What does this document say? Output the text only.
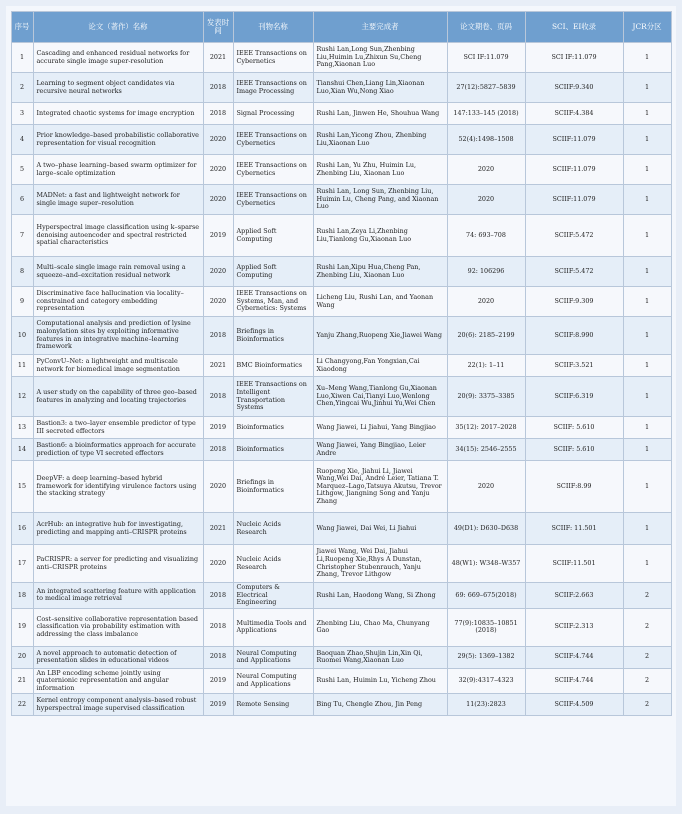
序号	论文（著作）名称	发表时间	刊物名称	主要完成者	论文期卷、页码	SCI、EI收录	JCR分区
1	Cascading and enhanced residual networks for accurate single image super-resolution	2021	IEEE Transactions on Cybernetics	Rushi Lan,Long Sun,Zhenbing Liu,Huimin Lu,Zhixun Su,Cheng Pang,Xiaonan Luo	SCI IF:11.079	SCI IF:11.079	1
2	Learning to segment object candidates via recursive neural networks	2018	IEEE Transactions on Image Processing	Tianshui Chen,Liang Lin,Xiaonan Luo,Xian Wu,Nong Xiao	27(12):5827–5839	SCIIF:9.340	1
3	Integrated chaotic systems for image encryption	2018	Signal Processing	Rushi Lan, Jinwen He, Shouhua Wang	147:133–145 (2018)	SCIIF:4.384	1
4	Prior knowledge–based probabilistic collaborative representation for visual recognition	2020	IEEE Transactions on Cybernetics	Rushi Lan,Yicong Zhou, Zhenbing Liu,Xiaonan Luo	52(4):1498–1508	SCIIF:11.079	1
5	A two–phase learning–based swarm optimizer for large–scale optimization	2020	IEEE Transactions on Cybernetics	Rushi Lan, Yu Zhu, Huimin Lu, Zhenbing Liu, Xiaonan Luo	2020	SCIIF:11.079	1
6	MADNet: a fast and lightweight network for single image super–resolution	2020	IEEE Transactions on Cybernetics	Rushi Lan, Long Sun, Zhenbing Liu, Huimin Lu, Cheng Pang, and Xiaonan Luo	2020	SCIIF:11.079	1
7	Hyperspectral image classification using k–sparse denoising autoencoder and spectral restricted spatial characteristics	2019	Applied Soft Computing	Rushi Lan,Zeya Li,Zhenbing Liu,Tianlong Gu,Xiaonan Luo	74: 693–708	SCIIF:5.472	1
8	Multi–scale single image rain removal using a squeeze–and–excitation residual network	2020	Applied Soft Computing	Rushi Lan,Xipu Hua,Cheng Pan, Zhenbing Liu, Xiaonan Luo	92: 106296	SCIIF:5.472	1
9	Discriminative face hallucination via locality–constrained and category embedding representation	2020	IEEE Transactions on Systems, Man, and Cybernetics: Systems	Licheng Liu, Rushi Lan, and Yaonan Wang	2020	SCIIF:9.309	1
10	Computational analysis and prediction of lysine malonylation sites by exploiting informative features in an integrative machine–learning framework	2018	Briefings in Bioinformatics	Yanju Zhang,Ruopeng Xie,Jiawei Wang	20(6): 2185–2199	SCIIF:8.990	1
11	PyConvU–Net: a lightweight and multiscale network for biomedical image segmentation	2021	BMC Bioinformatics	Li Changyong,Fan Yongxian,Cai Xiaodong	22(1): 1–11	SCIIF:3.521	1
12	A user study on the capability of three geo–based features in analyzing and locating trajectories	2018	IEEE Transactions on Intelligent Transportation Systems	Xu–Meng Wang,Tianlong Gu,Xiaonan Luo,Xiwen Cai,Tianyi Luo,Wenlong Chen,Yingcai Wu,Jinhui Yu,Wei Chen	20(9): 3375–3385	SCIIF:6.319	1
13	Bastion3: a two–layer ensemble predictor of type III secreted effectors	2019	Bioinformatics	Wang Jiawei, Li Jiahui, Yang Bingjiao	35(12): 2017–2028	SCIIF: 5.610	1
14	Bastion6: a bioinformatics approach for accurate prediction of type VI secreted effectors	2018	Bioinformatics	Wang Jiawei, Yang Bingjiao, Leier Andre	34(15): 2546–2555	SCIIF: 5.610	1
15	DeepVF: a deep learning–based hybrid framework for identifying virulence factors using the stacking strategy	2020	Briefings in Bioinformatics	Ruopeng Xie, Jiahui Li, Jiawei Wang,Wei Dai, André Leier, Tatiana T. Marquez–Lago,Tatsuya Akutsu, Trevor Lithgow, Jiangning Song and Yanju Zhang	2020	SCIIF:8.99	1
16	AcrHub: an integrative hub for investigating, predicting and mapping anti–CRISPR proteins	2021	Nucleic Acids Research	Wang Jiawei, Dai Wei, Li Jiahui	49(D1): D630–D638	SCIIF: 11.501	1
17	PaCRISPR: a server for predicting and visualizing anti–CRISPR proteins	2020	Nucleic Acids Research	Jiawei Wang, Wei Dai, Jiahui Li,Ruopeng Xie,Rhys A Dunstan, Christopher Stubenrauch, Yanju Zhang, Trevor Lithgow	48(W1): W348–W357	SCIIF:11.501	1
18	An integrated scattering feature with application to medical image retrieval	2018	Computers & Electrical Engineering	Rushi Lan, Haodong Wang, Si Zhong	69: 669–675(2018)	SCIIF:2.663	2
19	Cost–sensitive collaborative representation based classification via probability estimation with addressing the class imbalance	2018	Multimedia Tools and Applications	Zhenbing Liu, Chao Ma, Chunyang Gao	77(9):10835–10851 (2018)	SCIIF:2.313	2
20	A novel approach to automatic detection of presentation slides in educational videos	2018	Neural Computing and Applications	Baoquan Zhao,Shujin Lin,Xin Qi, Ruomei Wang,Xiaonan Luo	29(5): 1369–1382	SCIIF:4.744	2
21	An LBP encoding scheme jointly using quaternionic representation and angular information	2019	Neural Computing and Applications	Rushi Lan, Huimin Lu, Yicheng Zhou	32(9):4317–4323	SCIIF:4.744	2
22	Kernel entropy component analysis–based robust hyperspectral image supervised classification	2019	Remote Sensing	Bing Tu, Chengle Zhou, Jin Peng	11(23):2823	SCIIF:4.509	2
